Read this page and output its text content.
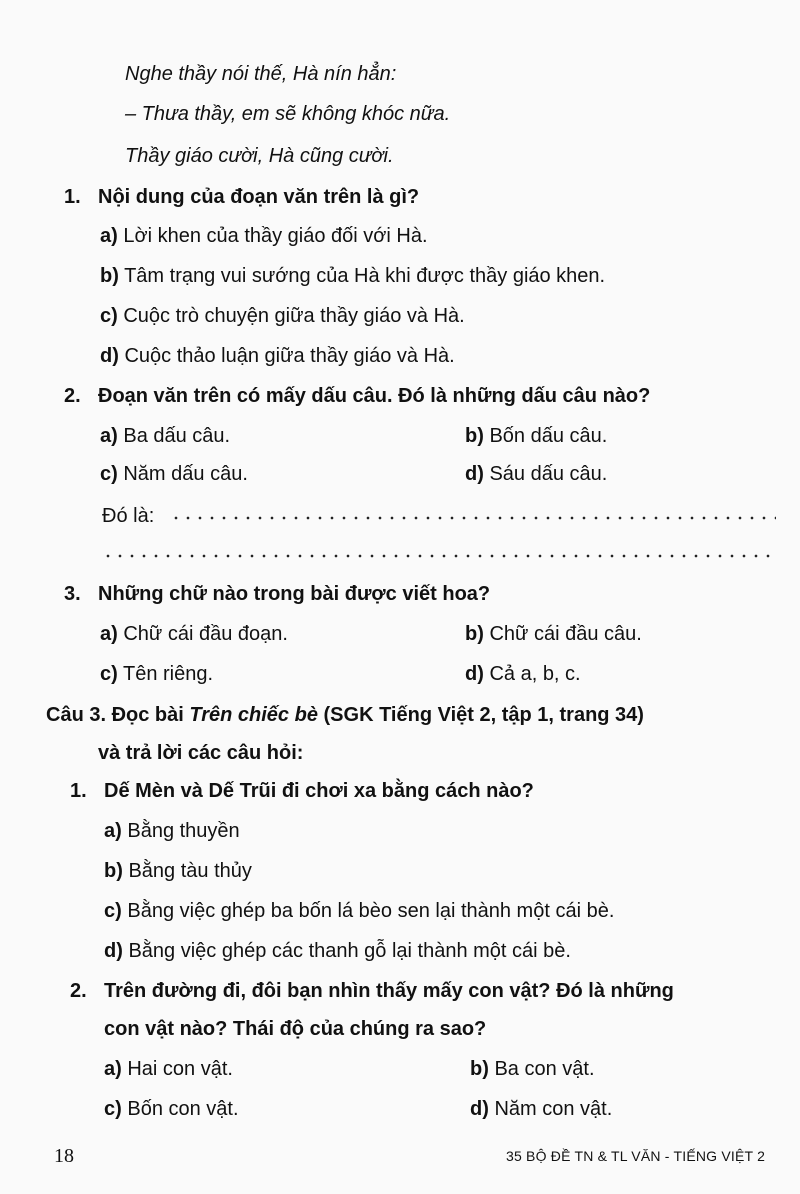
Nghe thầy nói thế, Hà nín hẳn:
– Thưa thầy, em sẽ không khóc nữa.
Thầy giáo cười, Hà cũng cười.
1. Nội dung của đoạn văn trên là gì?
a) Lời khen của thầy giáo đối với Hà.
b) Tâm trạng vui sướng của Hà khi được thầy giáo khen.
c) Cuộc trò chuyện giữa thầy giáo và Hà.
d) Cuộc thảo luận giữa thầy giáo và Hà.
2. Đoạn văn trên có mấy dấu câu. Đó là những dấu câu nào?
a) Ba dấu câu.	b) Bốn dấu câu.
c) Năm dấu câu.	d) Sáu dấu câu.
Đó là:
3. Những chữ nào trong bài được viết hoa?
a) Chữ cái đầu đoạn.	b) Chữ cái đầu câu.
c) Tên riêng.	d) Cả a, b, c.
Câu 3. Đọc bài Trên chiếc bè (SGK Tiếng Việt 2, tập 1, trang 34)
và trả lời các câu hỏi:
1. Dế Mèn và Dế Trũi đi chơi xa bằng cách nào?
a) Bằng thuyền
b) Bằng tàu thủy
c) Bằng việc ghép ba bốn lá bèo sen lại thành một cái bè.
d) Bằng việc ghép các thanh gỗ lại thành một cái bè.
2. Trên đường đi, đôi bạn nhìn thấy mấy con vật? Đó là những
con vật nào? Thái độ của chúng ra sao?
a) Hai con vật.	b) Ba con vật.
c) Bốn con vật.	d) Năm con vật.
18	35 BỘ ĐỀ TN & TL VĂN - TIẾNG VIỆT 2
